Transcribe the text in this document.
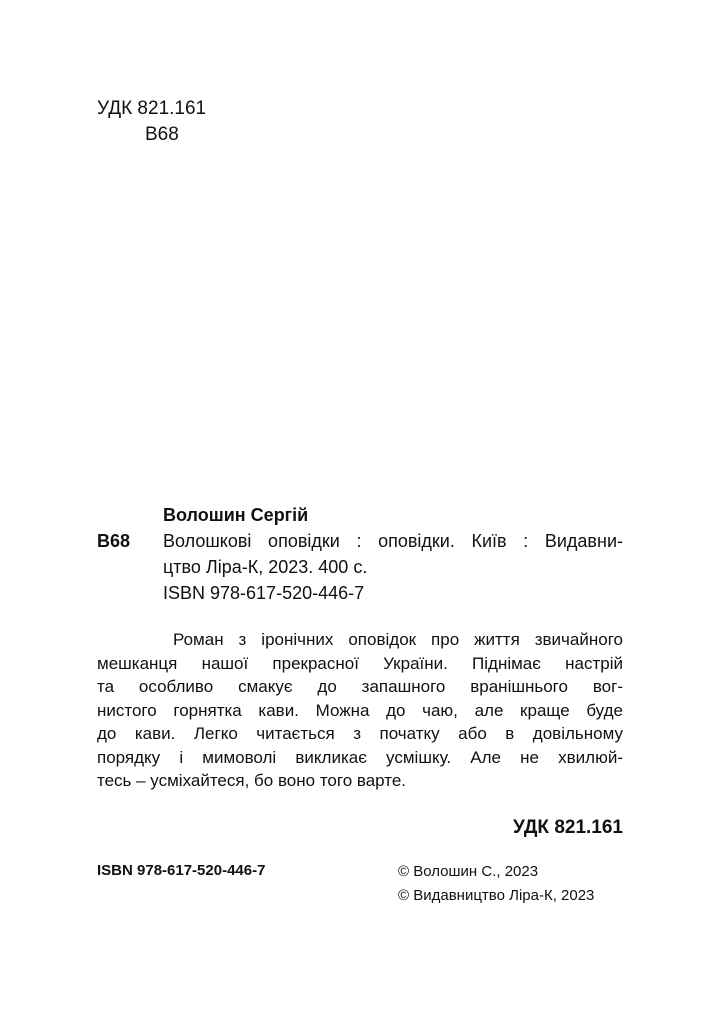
УДК 821.161
В68
Волошин Сергій
В68 Волошкові оповідки : оповідки. Київ : Видавни-
цтво Ліра-К, 2023. 400 с.
ISBN 978-617-520-446-7
Роман з іронічних оповідок про життя звичайного
мешканця нашої прекрасної України. Піднімає настрій
та особливо смакує до запашного вранішнього вог-
нистого горнятка кави. Можна до чаю, але краще буде
до кави. Легко читається з початку або в довільному
порядку і мимоволі викликає усмішку. Але не хвилюй-
тесь – усміхайтеся, бо воно того варте.
УДК 821.161
ISBN 978-617-520-446-7	© Волошин С., 2023
© Видавництво Ліра-К, 2023
